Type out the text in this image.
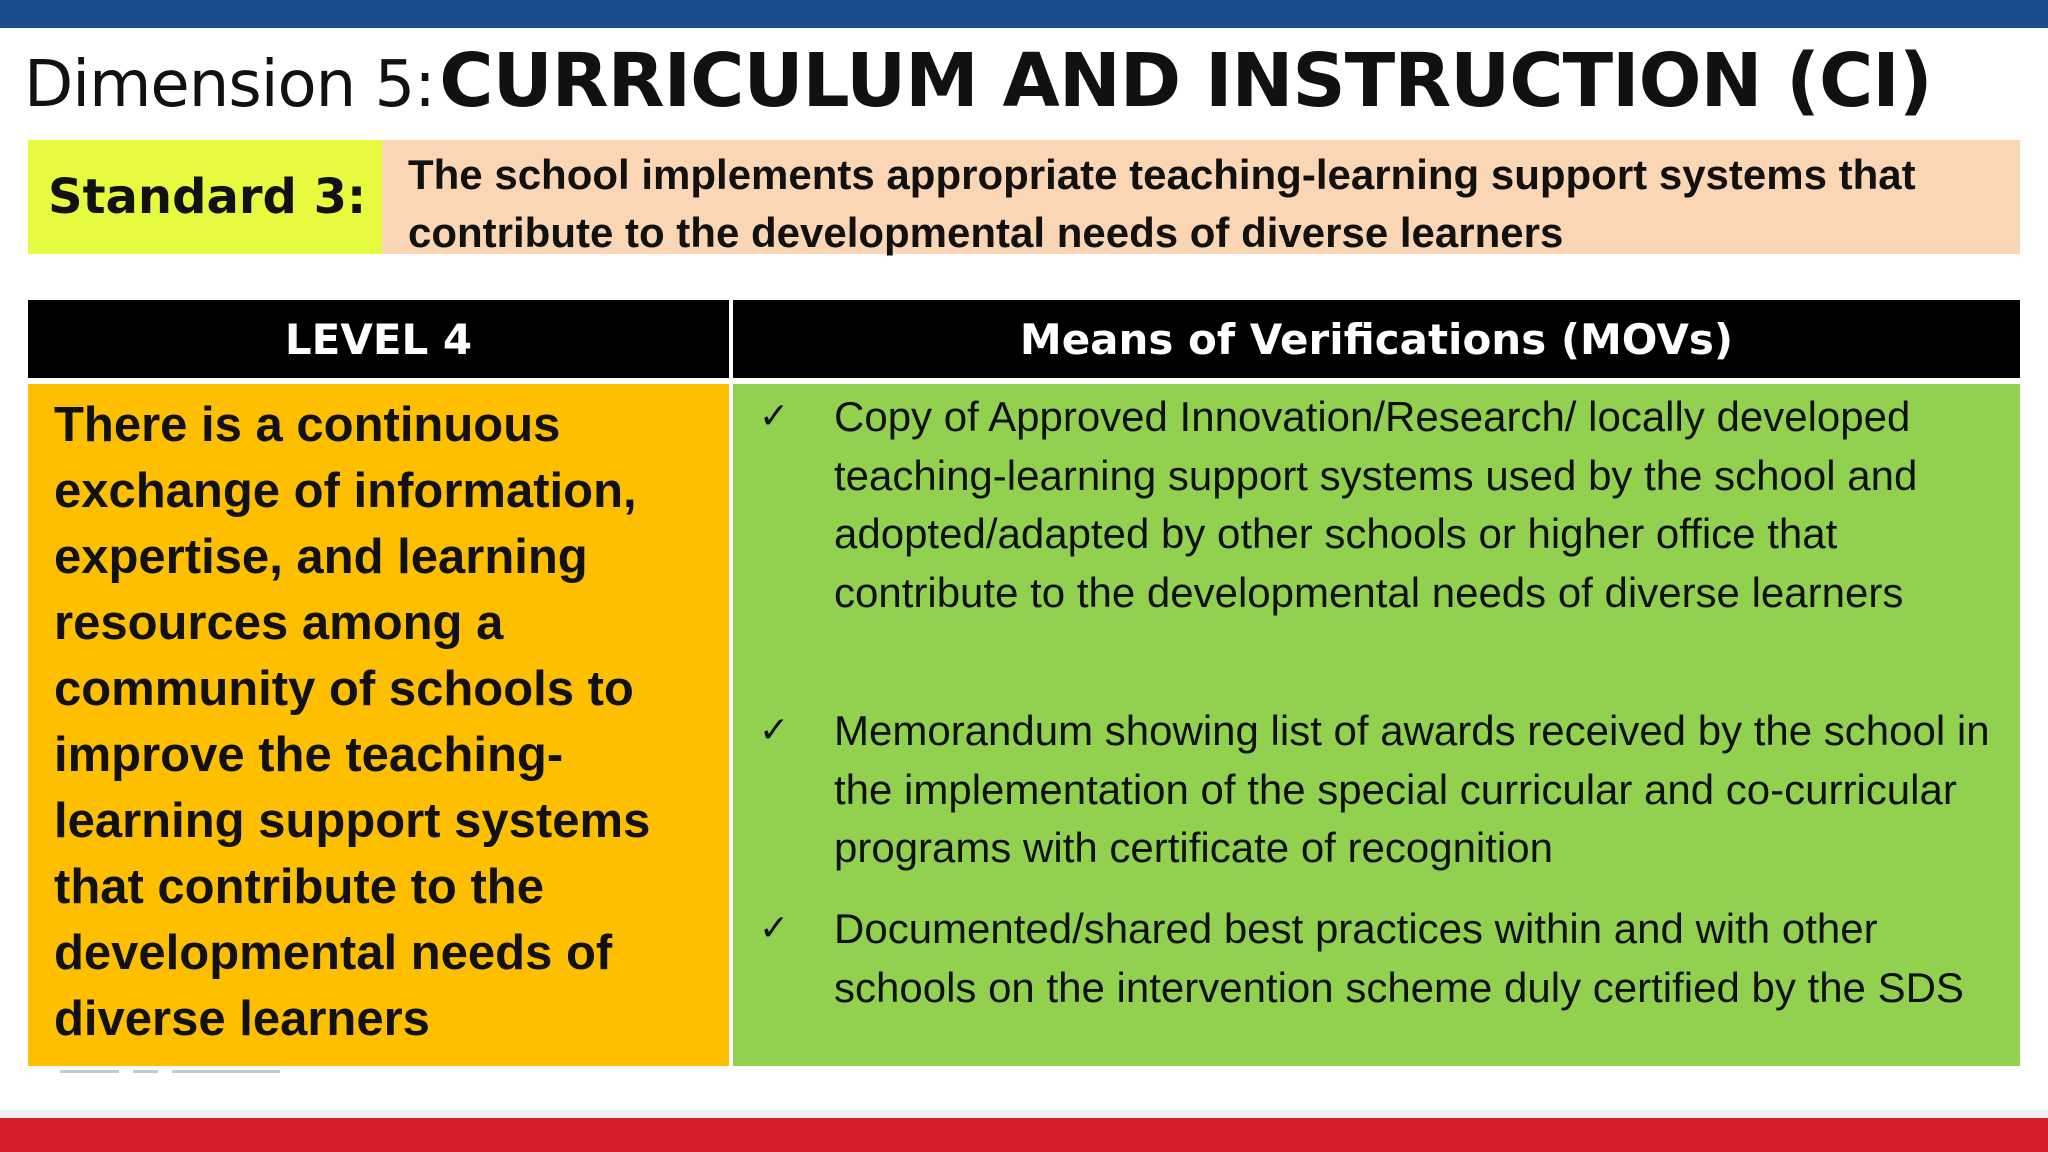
Dimension 5: CURRICULUM AND INSTRUCTION (CI)
Standard 3: The school implements appropriate teaching-learning support systems that contribute to the developmental needs of diverse learners
LEVEL 4	Means of Verifications (MOVs)
There is a continuous exchange of information, expertise, and learning resources among a community of schools to improve the teaching-learning support systems that contribute to the developmental needs of diverse learners
✓ Copy of Approved Innovation/Research/ locally developed teaching-learning support systems used by the school and adopted/adapted by other schools or higher office that contribute to the developmental needs of diverse learners
✓ Memorandum showing list of awards received by the school in the implementation of the special curricular and co-curricular programs with certificate of recognition
✓ Documented/shared best practices within and with other schools on the intervention scheme duly certified by the SDS
